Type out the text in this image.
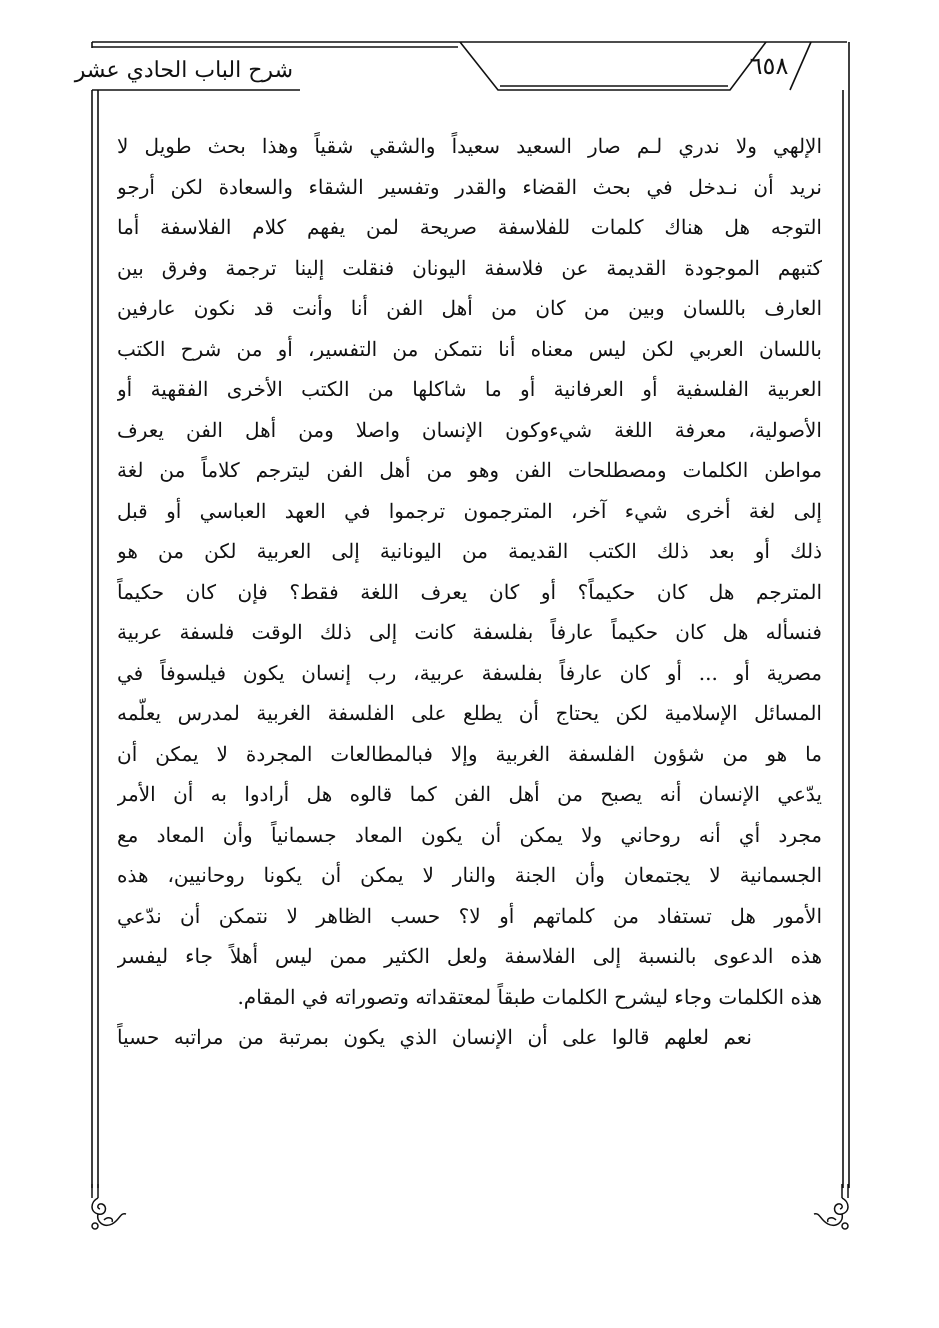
شرح الباب الحادي عشر	٦٥٨
الإلهي ولا ندري لـم صار السعيد سعيداً والشقي شقياً وهذا بحث طويل لا
نريد أن نـدخل في بحث القضاء والقدر وتفسير الشقاء والسعادة لكن أرجو
التوجه هل هناك كلمات للفلاسفة صريحة لمن يفهم كلام الفلاسفة أما
كتبهم الموجودة القديمة عن فلاسفة اليونان فنقلت إلينا ترجمة وفرق بين
العارف باللسان وبين من كان من أهل الفن أنا وأنت قد نكون عارفين
باللسان العربي لكن ليس معناه أنا نتمكن من التفسير، أو من شرح الكتب
العربية الفلسفية أو العرفانية أو ما شاكلها من الكتب الأخرى الفقهية أو
الأصولية، معرفة اللغة شيءوكون الإنسان واصلا ومن أهل الفن يعرف
مواطن الكلمات ومصطلحات الفن وهو من أهل الفن ليترجم كلاماً من لغة
إلى لغة أخرى شيء آخر، المترجمون ترجموا في العهد العباسي أو قبل
ذلك أو بعد ذلك الكتب القديمة من اليونانية إلى العربية لكن من هو
المترجم هل كان حكيماً؟ أو كان يعرف اللغة فقط؟ فإن كان حكيماً
فنسأله هل كان حكيماً عارفاً بفلسفة كانت إلى ذلك الوقت فلسفة عربية
مصرية أو ... أو كان عارفاً بفلسفة عربية، رب إنسان يكون فيلسوفاً في
المسائل الإسلامية لكن يحتاج أن يطلع على الفلسفة الغربية لمدرس يعلّمه
ما هو من شؤون الفلسفة الغربية وإلا فبالمطالعات المجردة لا يمكن أن
يدّعي الإنسان أنه يصبح من أهل الفن كما قالوه هل أرادوا به أن الأمر
مجرد أي أنه روحاني ولا يمكن أن يكون المعاد جسمانياً وأن المعاد مع
الجسمانية لا يجتمعان وأن الجنة والنار لا يمكن أن يكونا روحانيين، هذه
الأمور هل تستفاد من كلماتهم أو لا؟ حسب الظاهر لا نتمكن أن ندّعي
هذه الدعوى بالنسبة إلى الفلاسفة ولعل الكثير ممن ليس أهلاً جاء ليفسر
هذه الكلمات وجاء ليشرح الكلمات طبقاً لمعتقداته وتصوراته في المقام.
نعم لعلهم قالوا على أن الإنسان الذي يكون بمرتبة من مراتبه حسياً
